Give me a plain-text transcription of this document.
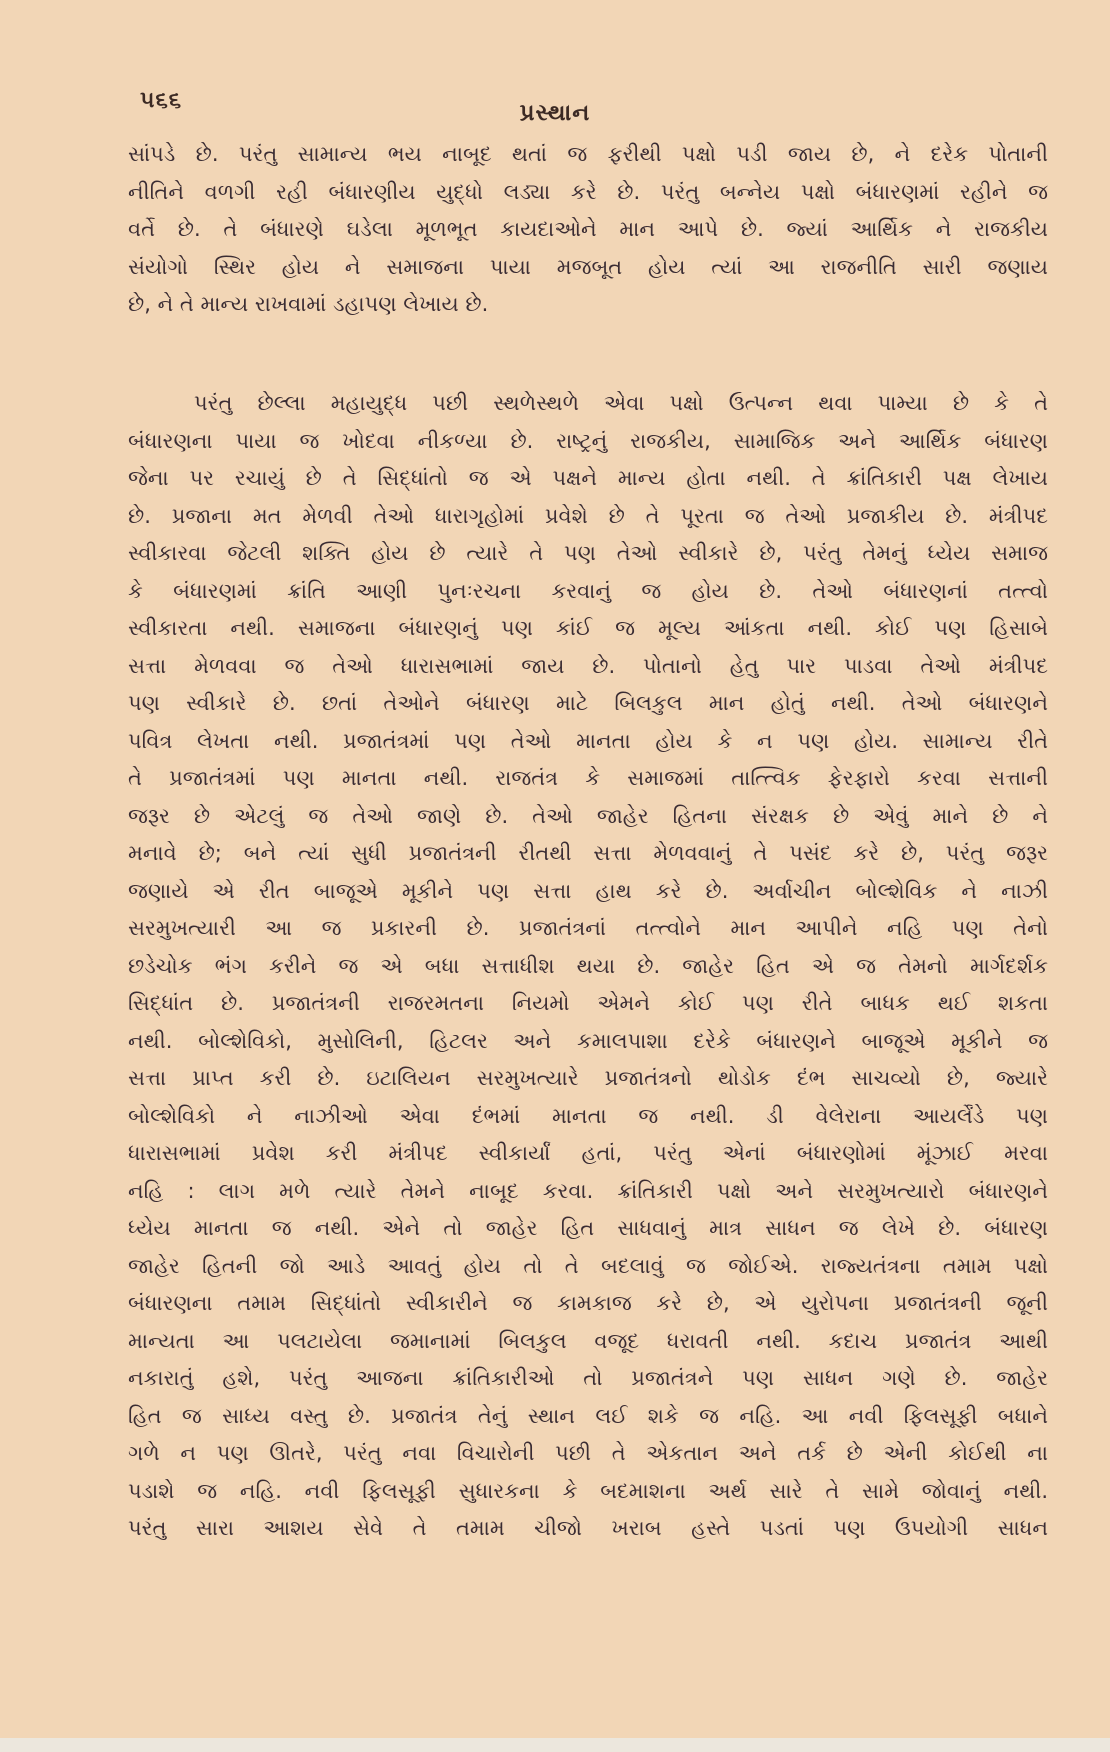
૫૬૬	પ્રસ્થાન
સાંપડે છે. પરંતુ સામાન્ય ભય નાબૂદ થતાં જ ફરીથી પક્ષો પડી જાય છે, ને દરેક પોતાની
નીતિને વળગી રહી બંધારણીય યુદ્ધો લડ્યા કરે છે. પરંતુ બન્નેય પક્ષો બંધારણમાં રહીને જ
વર્તે છે. તે બંધારણે ઘડેલા મૂળભૂત કાયદાઓને માન આપે છે. જ્યાં આર્થિક ને રાજકીય
સંયોગો સ્થિર હોય ને સમાજના પાયા મજબૂત હોય ત્યાં આ રાજનીતિ સારી જણાય
છે, ને તે માન્ય રાખવામાં ડહાપણ લેખાય છે.
પરંતુ છેલ્લા મહાયુદ્ધ પછી સ્થળેસ્થળે એવા પક્ષો ઉત્પન્ન થવા પામ્યા છે કે તે
બંધારણના પાયા જ ખોદવા નીકળ્યા છે. રાષ્ટ્રનું રાજકીય, સામાજિક અને આર્થિક બંધારણ
જેના પર રચાયું છે તે સિદ્ધાંતો જ એ પક્ષને માન્ય હોતા નથી. તે ક્રાંતિકારી પક્ષ લેખાય
છે. પ્રજાના મત મેળવી તેઓ ધારાગૃહોમાં પ્રવેશે છે તે પૂરતા જ તેઓ પ્રજાકીય છે. મંત્રીપદ
સ્વીકારવા જેટલી શક્તિ હોય છે ત્યારે તે પણ તેઓ સ્વીકારે છે, પરંતુ તેમનું ધ્યેય સમાજ
કે બંધારણમાં ક્રાંતિ આણી પુનઃરચના કરવાનું જ હોય છે. તેઓ બંધારણનાં તત્ત્વો
સ્વીકારતા નથી. સમાજના બંધારણનું પણ કાંઈ જ મૂલ્ય આંકતા નથી. કોઈ પણ હિસાબે
સત્તા મેળવવા જ તેઓ ધારાસભામાં જાય છે. પોતાનો હેતુ પાર પાડવા તેઓ મંત્રીપદ
પણ સ્વીકારે છે. છતાં તેઓને બંધારણ માટે બિલકુલ માન હોતું નથી. તેઓ બંધારણને
પવિત્ર લેખતા નથી. પ્રજાતંત્રમાં પણ તેઓ માનતા હોય કે ન પણ હોય. સામાન્ય રીતે
તે પ્રજાતંત્રમાં પણ માનતા નથી. રાજતંત્ર કે સમાજમાં તાત્ત્વિક ફેરફારો કરવા સત્તાની
જરૂર છે એટલું જ તેઓ જાણે છે. તેઓ જાહેર હિતના સંરક્ષક છે એવું માને છે ને
મનાવે છે; બને ત્યાં સુધી પ્રજાતંત્રની રીતથી સત્તા મેળવવાનું તે પસંદ કરે છે, પરંતુ જરૂર
જણાયે એ રીત બાજૂએ મૂકીને પણ સત્તા હાથ કરે છે. અર્વાચીન બોલ્શેવિક ને નાઝી
સરમુખત્યારી આ જ પ્રકારની છે. પ્રજાતંત્રનાં તત્ત્વોને માન આપીને નહિ પણ તેનો
છડેચોક ભંગ કરીને જ એ બધા સત્તાધીશ થયા છે. જાહેર હિત એ જ તેમનો માર્ગદર્શક
સિદ્ધાંત છે. પ્રજાતંત્રની રાજરમતના નિયમો એમને કોઈ પણ રીતે બાધક થઈ શકતા
નથી. બોલ્શેવિકો, મુસોલિની, હિટલર અને કમાલપાશા દરેકે બંધારણને બાજૂએ મૂકીને જ
સત્તા પ્રાપ્ત કરી છે. ઇટાલિયન સરમુખત્યારે પ્રજાતંત્રનો થોડોક દંભ સાચવ્યો છે, જ્યારે
બોલ્શેવિકો ને નાઝીઓ એવા દંભમાં માનતા જ નથી. ડી વેલેરાના આયર્લેંડે પણ
ધારાસભામાં પ્રવેશ કરી મંત્રીપદ સ્વીકાર્યાં હતાં, પરંતુ એનાં બંધારણોમાં મૂંઝાઈ મરવા
નહિ : લાગ મળે ત્યારે તેમને નાબૂદ કરવા. ક્રાંતિકારી પક્ષો અને સરમુખત્યારો બંધારણને
ધ્યેય માનતા જ નથી. એને તો જાહેર હિત સાધવાનું માત્ર સાધન જ લેખે છે. બંધારણ
જાહેર હિતની જો આડે આવતું હોય તો તે બદલાવું જ જોઈએ. રાજ્યતંત્રના તમામ પક્ષો
બંધારણના તમામ સિદ્ધાંતો સ્વીકારીને જ કામકાજ કરે છે, એ યુરોપના પ્રજાતંત્રની જૂની
માન્યતા આ પલટાયેલા જમાનામાં બિલકુલ વજૂદ ધરાવતી નથી. કદાચ પ્રજાતંત્ર આથી
નકારાતું હશે, પરંતુ આજના ક્રાંતિકારીઓ તો પ્રજાતંત્રને પણ સાધન ગણે છે. જાહેર
હિત જ સાધ્ય વસ્તુ છે. પ્રજાતંત્ર તેનું સ્થાન લઈ શકે જ નહિ. આ નવી ફિલસૂફી બધાને
ગળે ન પણ ઊતરે, પરંતુ નવા વિચારોની પછી તે એકતાન અને તર્ક છે એની કોઈથી ના
પડાશે જ નહિ. નવી ફિલસૂફી સુધારકના કે બદમાશના અર્થ સારે તે સામે જોવાનું નથી.
પરંતુ સારા આશય સેવે તે તમામ ચીજો ખરાબ હસ્તે પડતાં પણ ઉપયોગી સાધન
